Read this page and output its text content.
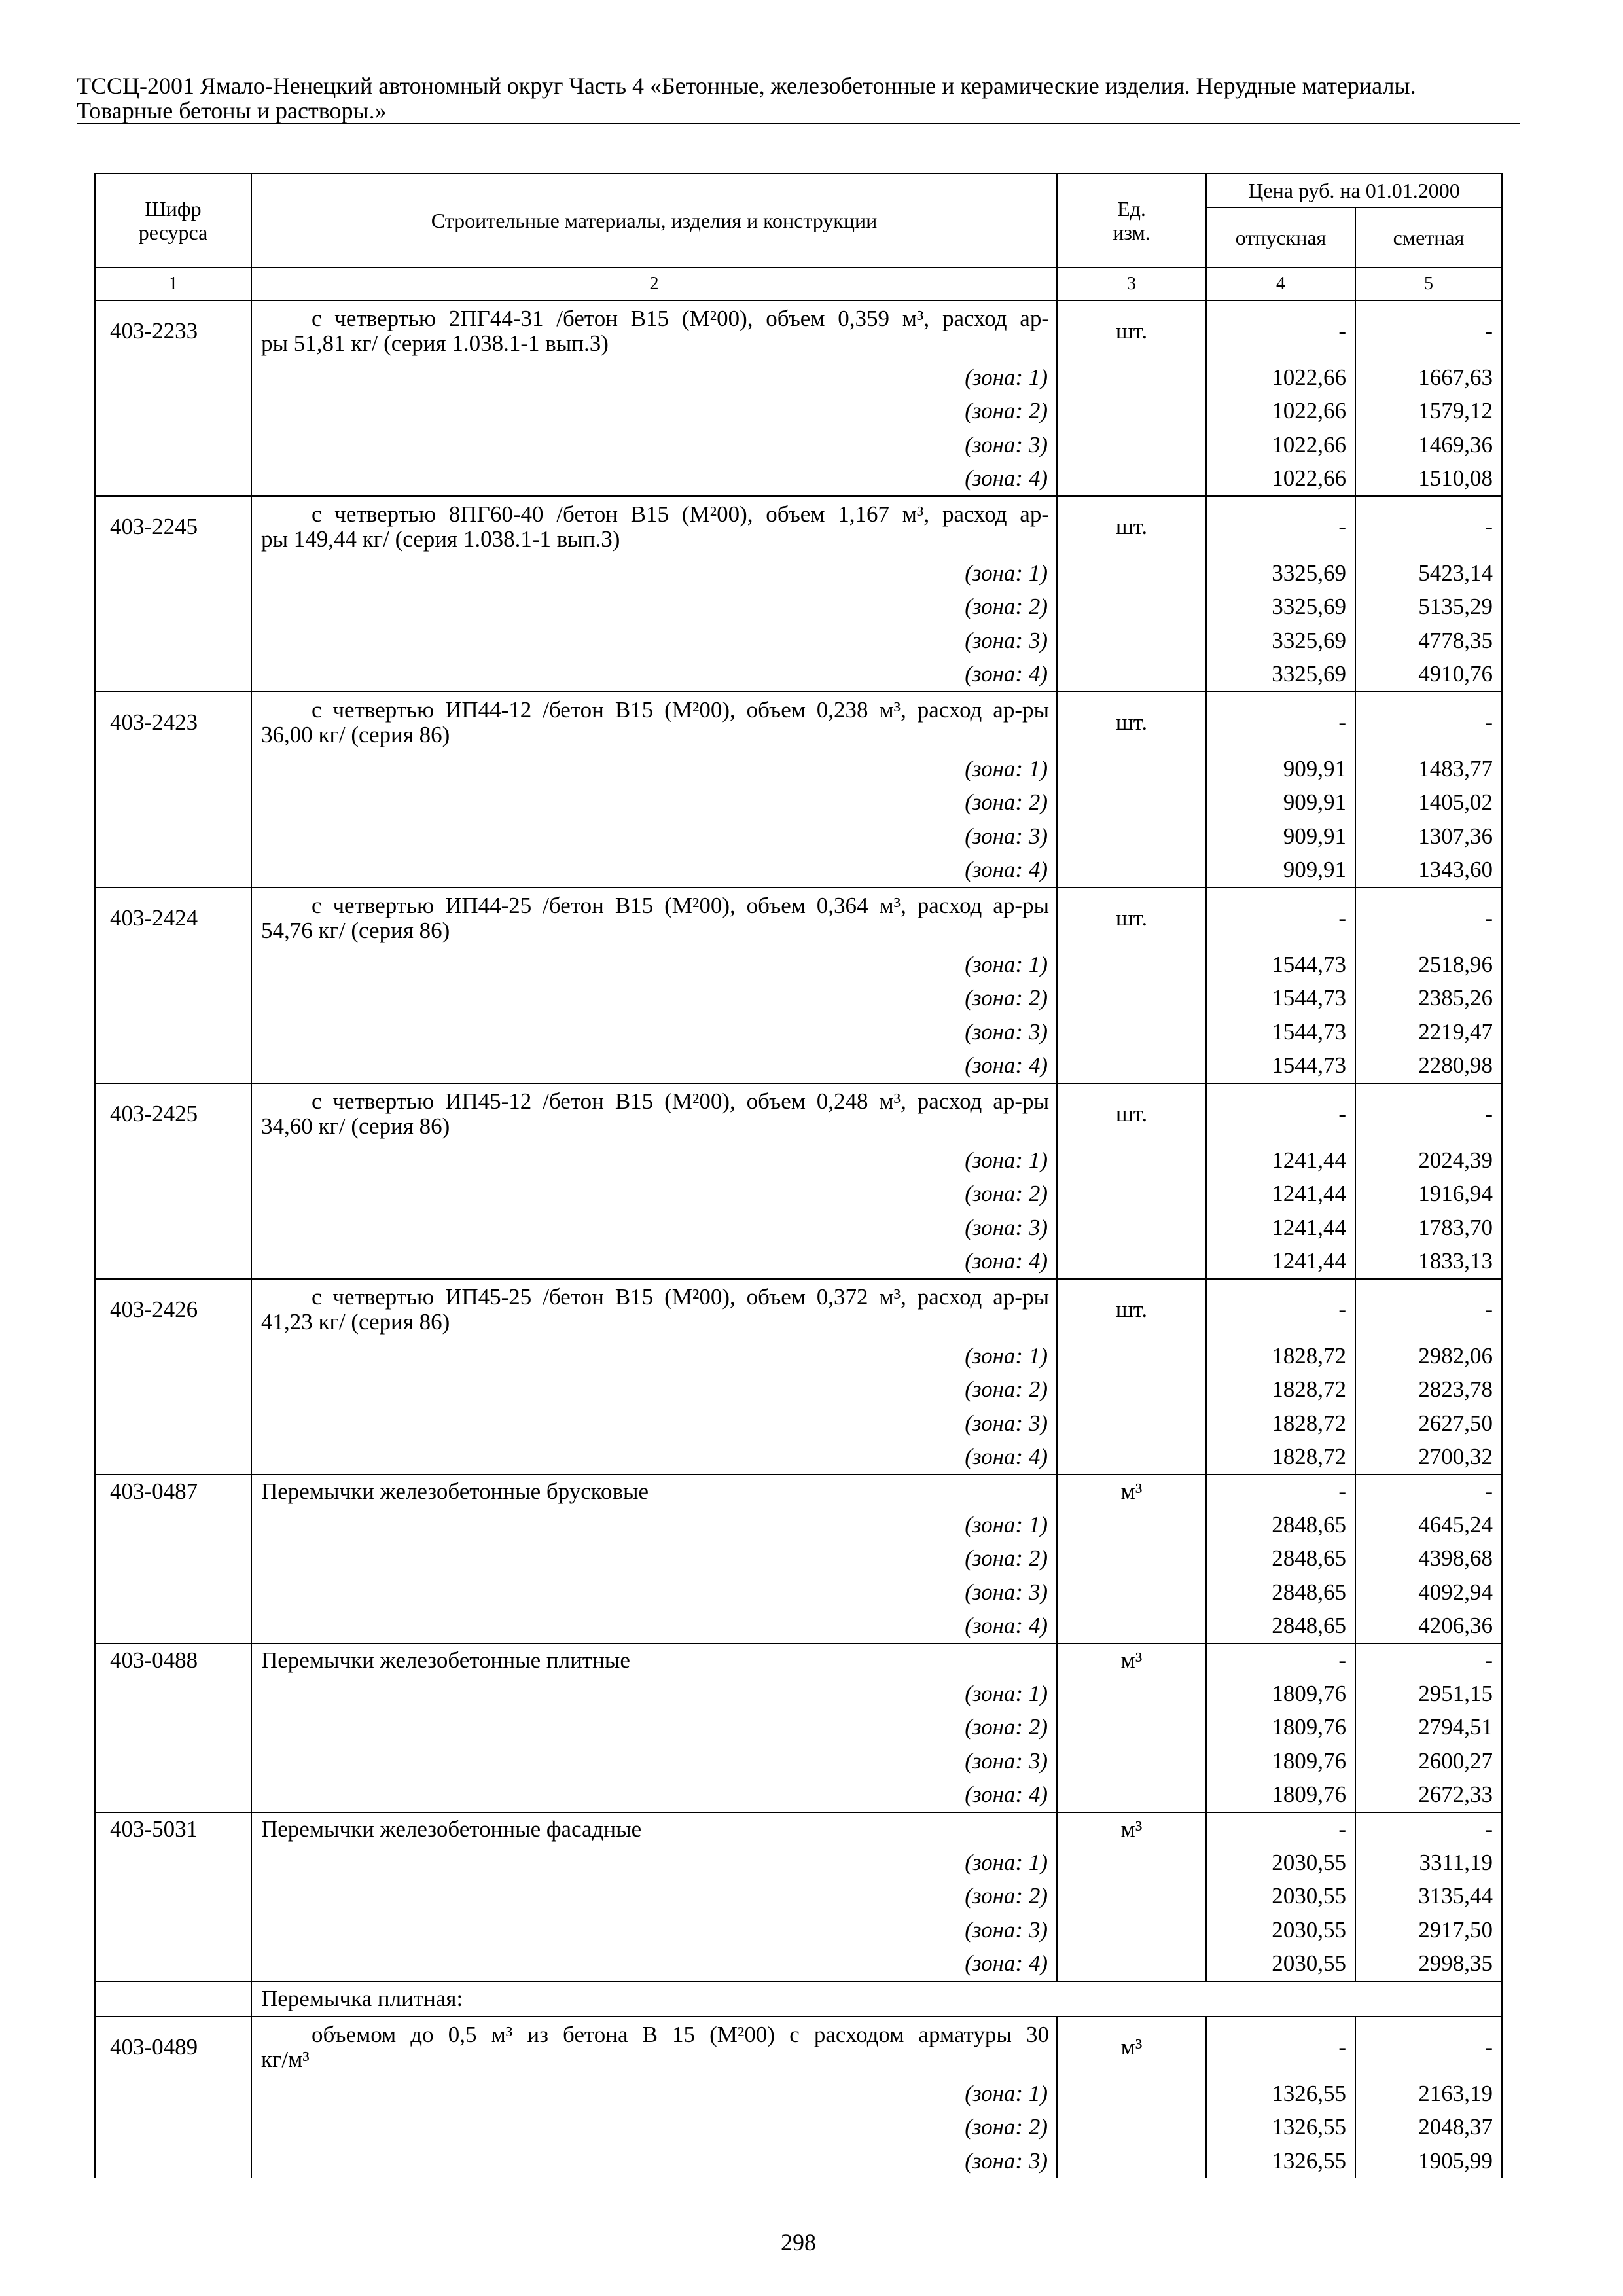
ТССЦ-2001 Ямало-Ненецкий автономный округ Часть 4 «Бетонные, железобетонные и керамические изделия. Нерудные материалы.
Товарные бетоны и растворы.»
Шифр
ресурса	Строительные материалы, изделия и конструкции	Ед.
изм.
Цена руб. на 01.01.2000
отпускная	сметная
1	2	3	4	5
403-2233	с четвертью 2ПГ44-31 /бетон В15 (М²00), объем 0,359 м³, расход ар-
ры 51,81 кг/ (серия 1.038.1-1 вып.3)	шт.	-	-
(зона: 1)	1022,66	1667,63
(зона: 2)	1022,66	1579,12
(зона: 3)	1022,66	1469,36
(зона: 4)	1022,66	1510,08
403-2245	с четвертью 8ПГ60-40 /бетон В15 (М²00), объем 1,167 м³, расход ар-
ры 149,44 кг/ (серия 1.038.1-1 вып.3)	шт.	-	-
(зона: 1)	3325,69	5423,14
(зона: 2)	3325,69	5135,29
(зона: 3)	3325,69	4778,35
(зона: 4)	3325,69	4910,76
403-2423	с четвертью ИП44-12 /бетон В15 (М²00), объем 0,238 м³, расход ар-ры
36,00 кг/ (серия 86)	шт.	-	-
(зона: 1)	909,91	1483,77
(зона: 2)	909,91	1405,02
(зона: 3)	909,91	1307,36
(зона: 4)	909,91	1343,60
403-2424	с четвертью ИП44-25 /бетон В15 (М²00), объем 0,364 м³, расход ар-ры
54,76 кг/ (серия 86)	шт.	-	-
(зона: 1)	1544,73	2518,96
(зона: 2)	1544,73	2385,26
(зона: 3)	1544,73	2219,47
(зона: 4)	1544,73	2280,98
403-2425	с четвертью ИП45-12 /бетон В15 (М²00), объем 0,248 м³, расход ар-ры
34,60 кг/ (серия 86)	шт.	-	-
(зона: 1)	1241,44	2024,39
(зона: 2)	1241,44	1916,94
(зона: 3)	1241,44	1783,70
(зона: 4)	1241,44	1833,13
403-2426	с четвертью ИП45-25 /бетон В15 (М²00), объем 0,372 м³, расход ар-ры
41,23 кг/ (серия 86)	шт.	-	-
(зона: 1)	1828,72	2982,06
(зона: 2)	1828,72	2823,78
(зона: 3)	1828,72	2627,50
(зона: 4)	1828,72	2700,32
403-0487	Перемычки железобетонные брусковые	м³	-	-
(зона: 1)	2848,65	4645,24
(зона: 2)	2848,65	4398,68
(зона: 3)	2848,65	4092,94
(зона: 4)	2848,65	4206,36
403-0488	Перемычки железобетонные плитные	м³	-	-
(зона: 1)	1809,76	2951,15
(зона: 2)	1809,76	2794,51
(зона: 3)	1809,76	2600,27
(зона: 4)	1809,76	2672,33
403-5031	Перемычки железобетонные фасадные	м³	-	-
(зона: 1)	2030,55	3311,19
(зона: 2)	2030,55	3135,44
(зона: 3)	2030,55	2917,50
(зона: 4)	2030,55	2998,35
Перемычка плитная:
403-0489	объемом до 0,5 м³ из бетона В 15 (М²00) с расходом арматуры 30
кг/м³	м³	-	-
(зона: 1)	1326,55	2163,19
(зона: 2)	1326,55	2048,37
(зона: 3)	1326,55	1905,99
298
